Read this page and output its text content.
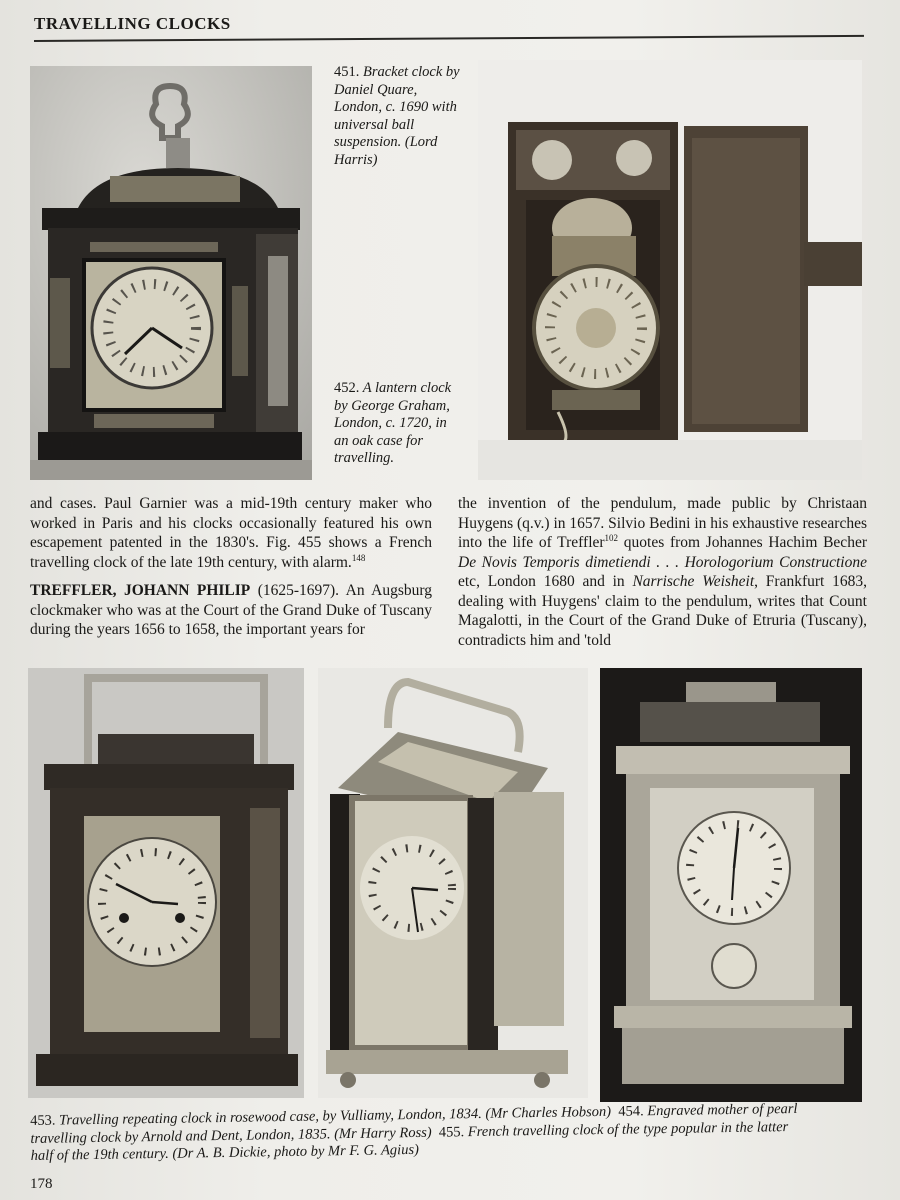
TRAVELLING CLOCKS
451. Bracket clock by Daniel Quare, London, c. 1690 with universal ball suspension. (Lord Harris)
452. A lantern clock by George Graham, London, c. 1720, in an oak case for travelling.

and cases. Paul Garnier was a mid-19th century maker who worked in Paris and his clocks occasionally featured his own escapement patented in the 1830's. Fig. 455 shows a French travelling clock of the late 19th century, with alarm.$^{148}$

TREFFLER, JOHANN PHILIP (1625-1697). An Augsburg clockmaker who was at the Court of the Grand Duke of Tuscany during the years 1656 to 1658, the important years for

the invention of the pendulum, made public by Christaan Huygens (q.v.) in 1657. Silvio Bedini in his exhaustive researches into the life of Treffler$^{102}$ quotes from Johannes Hachim Becher De Novis Temporis dimetiendi . . . Horologorium Constructione etc, London 1680 and in Narrische Weisheit, Frankfurt 1683, dealing with Huygens' claim to the pendulum, writes that Count Magalotti, in the Court of the Grand Duke of Etruria (Tuscany), contradicts him and 'told

453. Travelling repeating clock in rosewood case, by Vulliamy, London, 1834. (Mr Charles Hobson) 454. Engraved mother of pearl
travelling clock by Arnold and Dent, London, 1835. (Mr Harry Ross) 455. French travelling clock of the type popular in the latter
half of the 19th century. (Dr A. B. Dickie, photo by Mr F. G. Agius)
178
